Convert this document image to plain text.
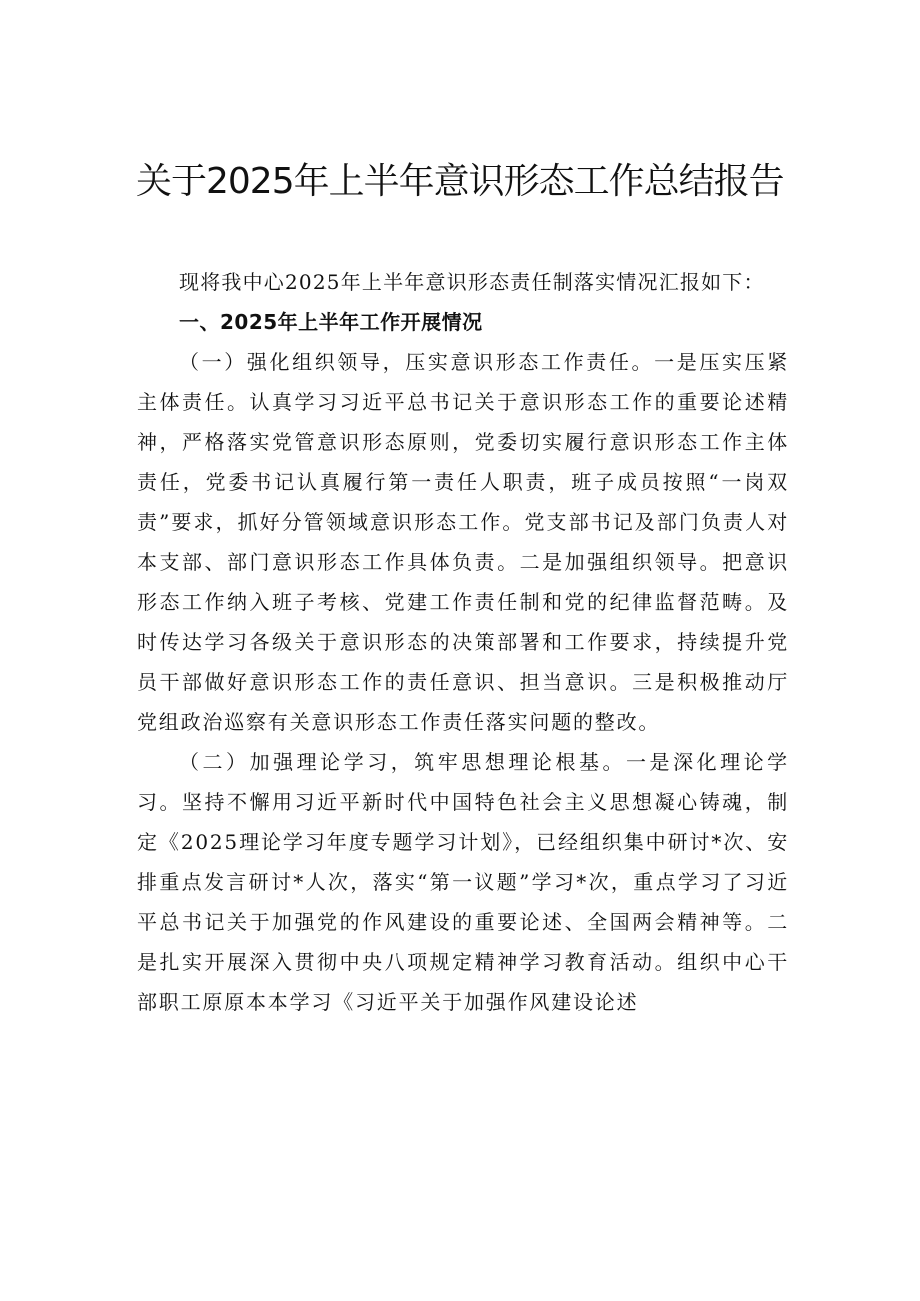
关于2025年上半年意识形态工作总结报告

现将我中心2025年上半年意识形态责任制落实情况汇报如下：

一、2025年上半年工作开展情况

（一）强化组织领导，压实意识形态工作责任。一是压实压紧主体责任。认真学习习近平总书记关于意识形态工作的重要论述精神，严格落实党管意识形态原则，党委切实履行意识形态工作主体责任，党委书记认真履行第一责任人职责，班子成员按照“一岗双责”要求，抓好分管领域意识形态工作。党支部书记及部门负责人对本支部、部门意识形态工作具体负责。二是加强组织领导。把意识形态工作纳入班子考核、党建工作责任制和党的纪律监督范畴。及时传达学习各级关于意识形态的决策部署和工作要求，持续提升党员干部做好意识形态工作的责任意识、担当意识。三是积极推动厅党组政治巡察有关意识形态工作责任落实问题的整改。

（二）加强理论学习，筑牢思想理论根基。一是深化理论学习。坚持不懈用习近平新时代中国特色社会主义思想凝心铸魂，制定《2025理论学习年度专题学习计划》，已经组织集中研讨*次、安排重点发言研讨*人次，落实“第一议题”学习*次，重点学习了习近平总书记关于加强党的作风建设的重要论述、全国两会精神等。二是扎实开展深入贯彻中央八项规定精神学习教育活动。组织中心干部职工原原本本学习《习近平关于加强作风建设论述
